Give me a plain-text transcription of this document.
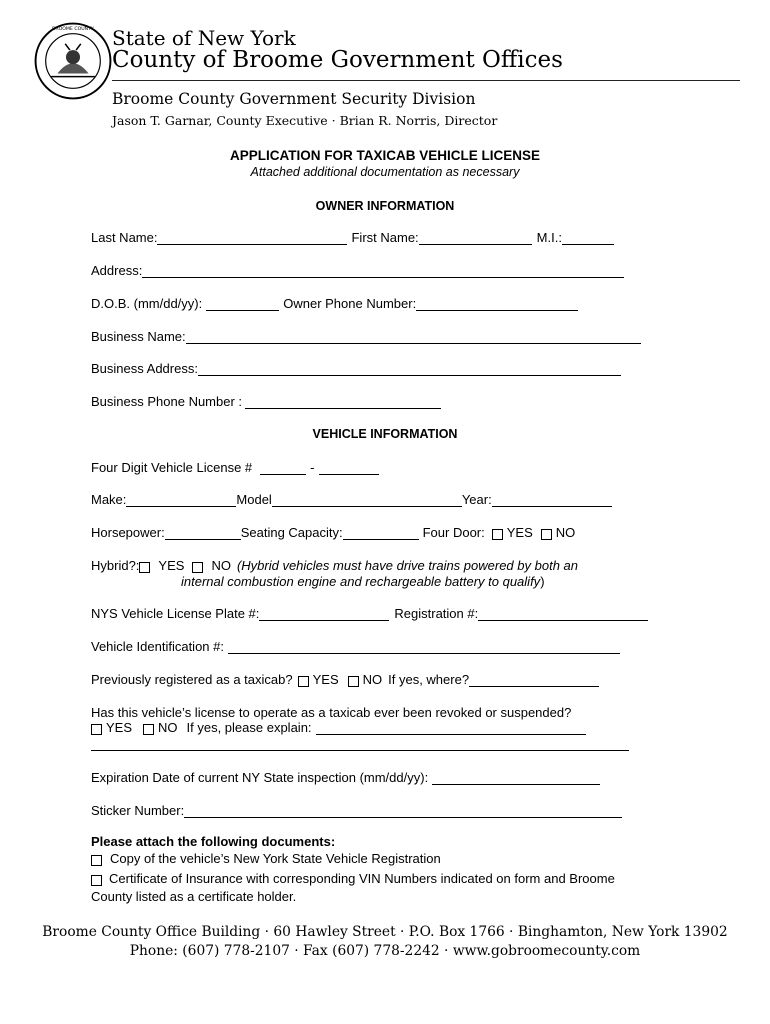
BROOME COUNTY State of New York
County of Broome Government Offices
Broome County Government Security Division
Jason T. Garnar, County Executive · Brian R. Norris, Director
APPLICATION FOR TAXICAB VEHICLE LICENSE
Attached additional documentation as necessary
OWNER INFORMATION
Last Name:	First Name:	M.I.:
Address:
D.O.B. (mm/dd/yy):	Owner Phone Number:
Business Name:
Business Address:
Business Phone Number :
VEHICLE INFORMATION
Four Digit Vehicle License #	-
Make:	Model	Year:
Horsepower:	Seating Capacity:	Four Door: YES NO
Hybrid?: YES NO (Hybrid vehicles must have drive trains powered by both an
internal combustion engine and rechargeable battery to qualify )
NYS Vehicle License Plate #:	Registration #:
Vehicle Identification #:
Previously registered as a taxicab? YES NO If yes, where?
Has this vehicle’s license to operate as a taxicab ever been revoked or suspended?
YES NO If yes, please explain:
Expiration Date of current NY State inspection (mm/dd/yy):
Sticker Number:
Please attach the following documents:
Copy of the vehicle’s New York State Vehicle Registration
Certificate of Insurance with corresponding VIN Numbers indicated on form and Broome
County listed as a certificate holder.
Broome County Office Building · 60 Hawley Street · P.O. Box 1766 · Binghamton, New York 13902
Phone: (607) 778-2107 · Fax (607) 778-2242 · www.gobroomecounty.com
